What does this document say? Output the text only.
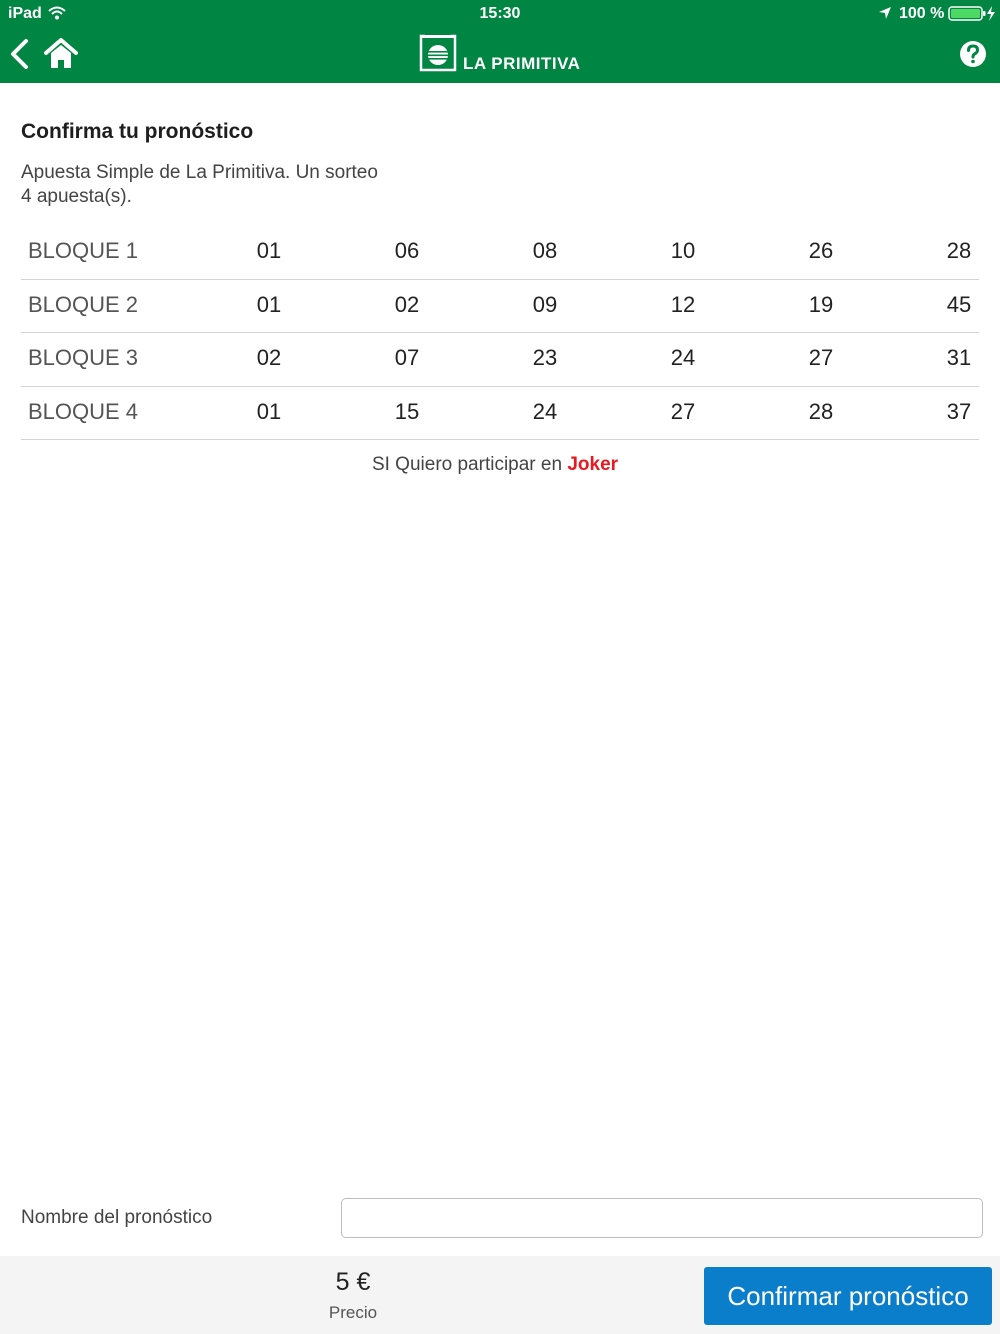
iPad	15:30	100 %
LA PRIMITIVA
Confirma tu pronóstico
Apuesta Simple de La Primitiva. Un sorteo
4 apuesta(s).
BLOQUE 1	01	06	08	10	26	28
BLOQUE 2	01	02	09	12	19	45
BLOQUE 3	02	07	23	24	27	31
BLOQUE 4	01	15	24	27	28	37
SI Quiero participar en Joker
Nombre del pronóstico
5 €
Precio
Confirmar pronóstico
